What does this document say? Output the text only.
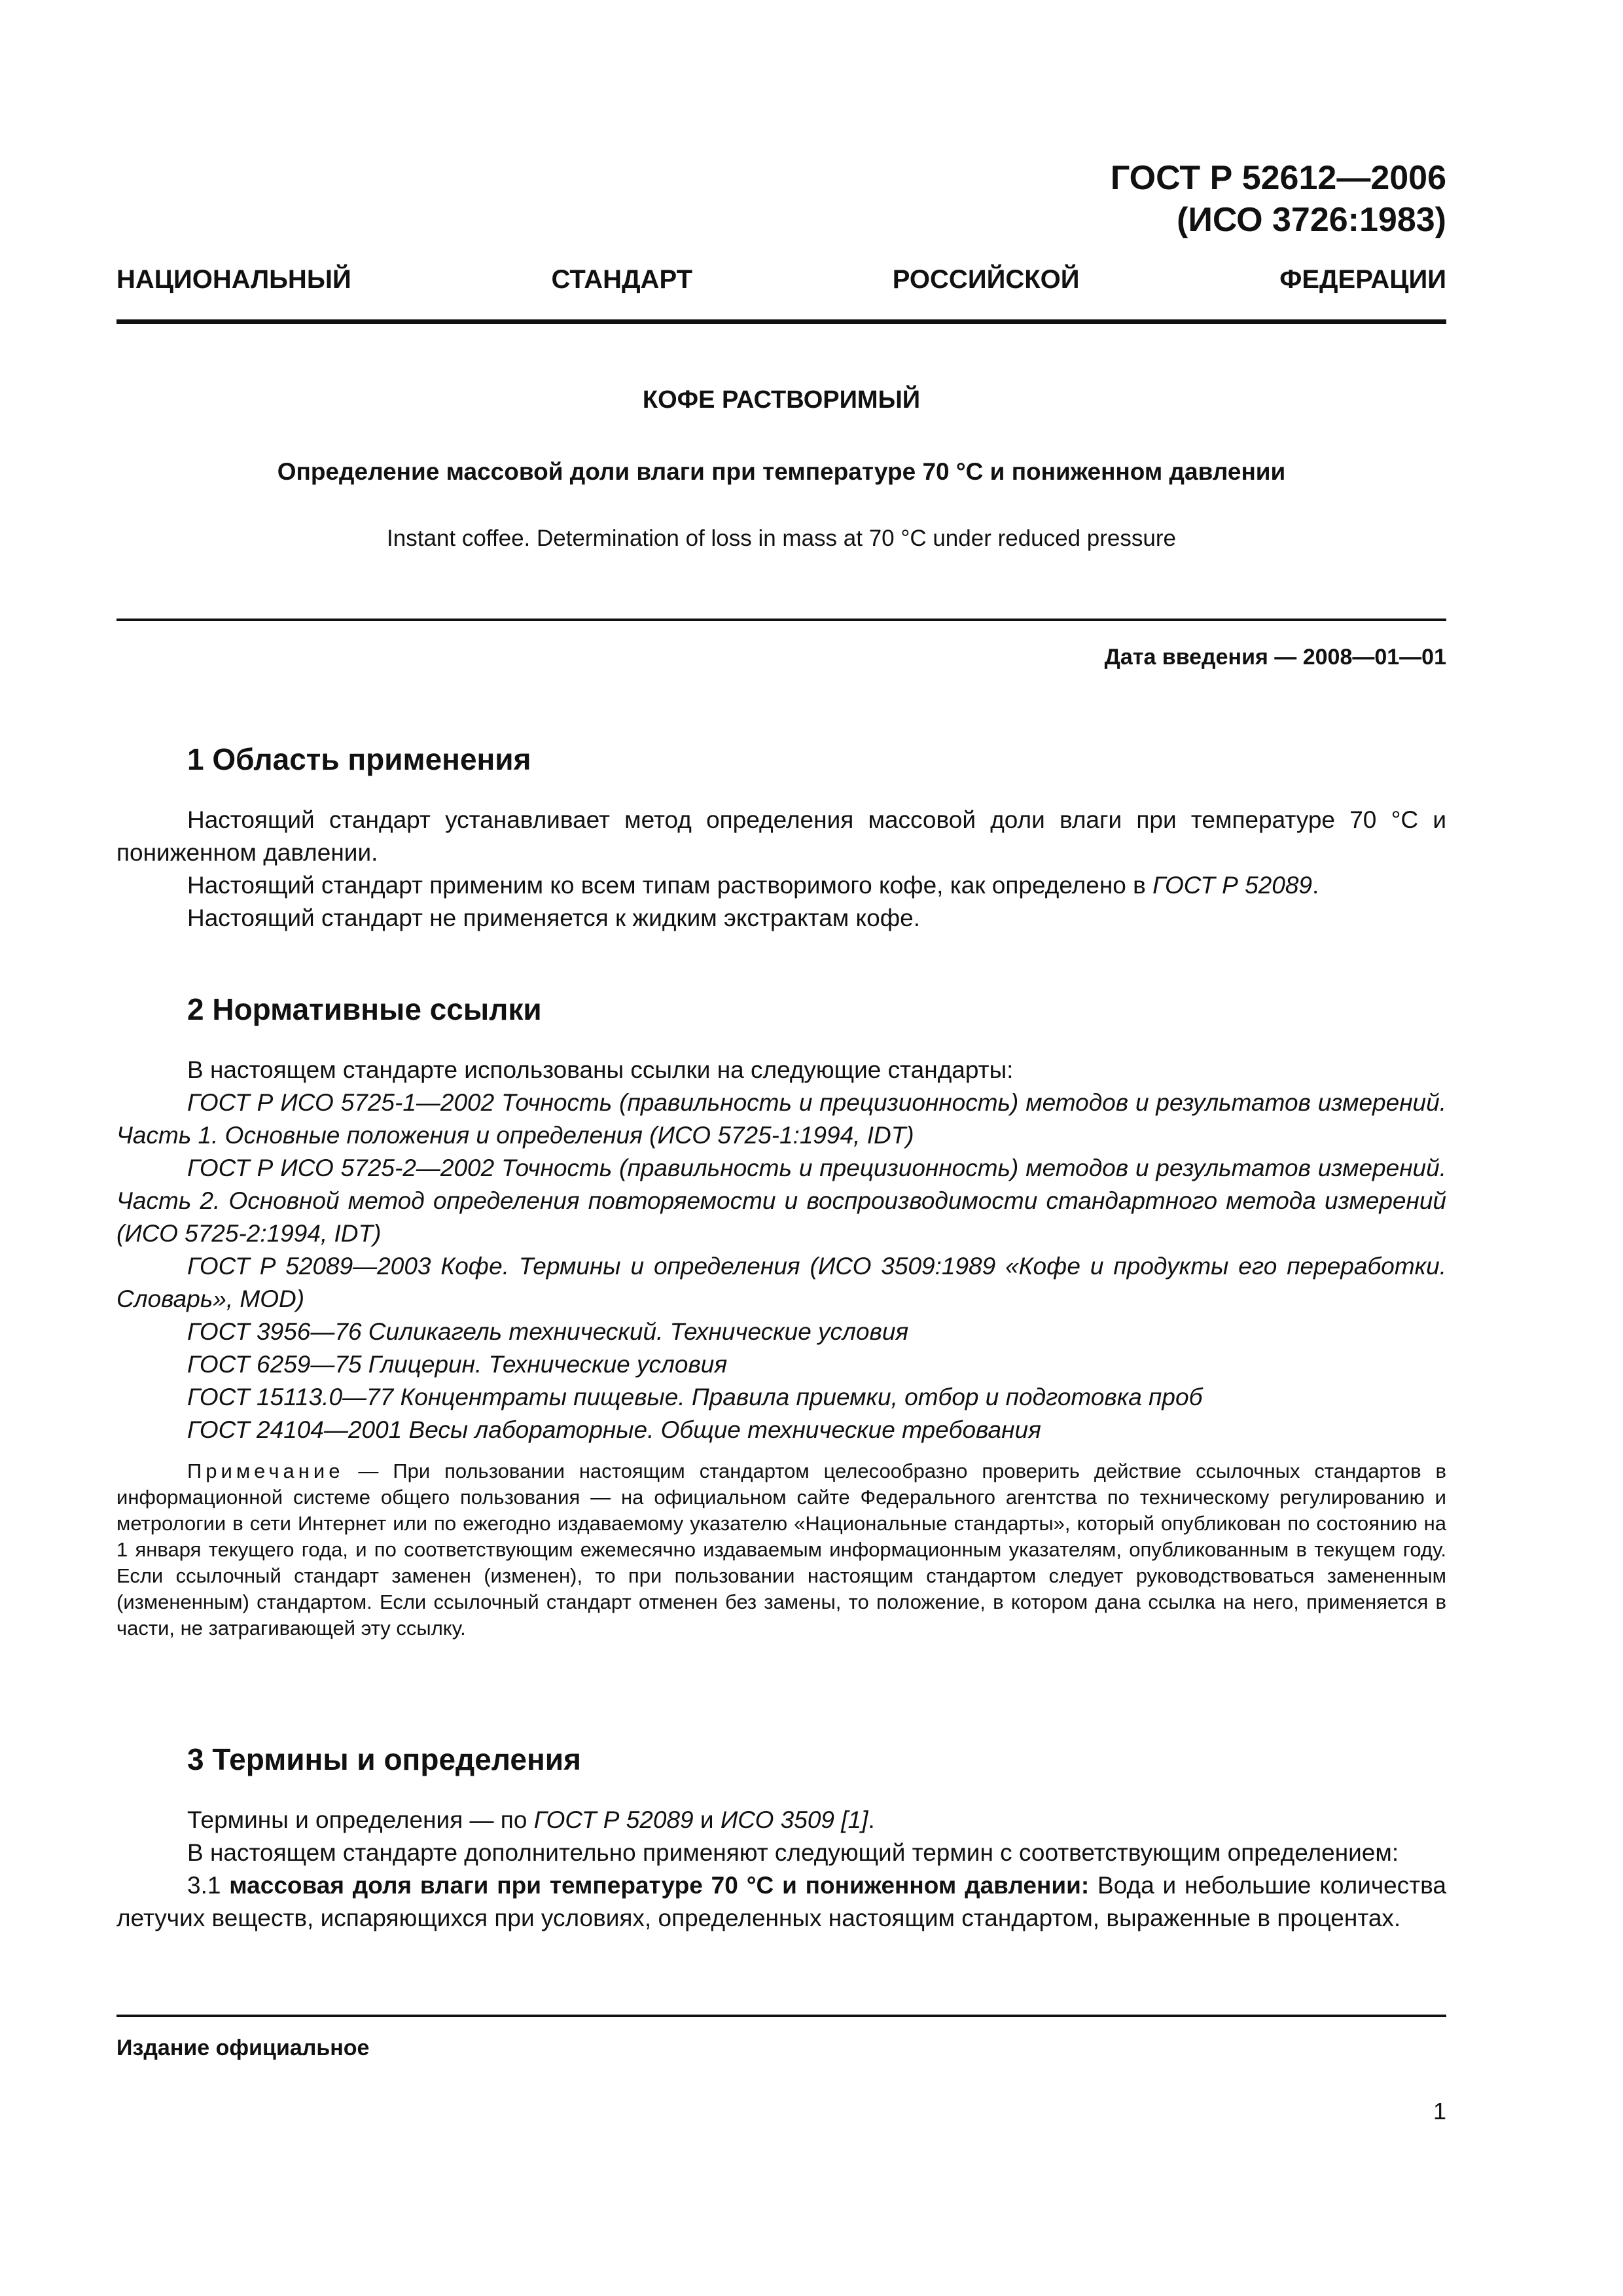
ГОСТ Р 52612—2006
(ИСО 3726:1983)
НАЦИОНАЛЬНЫЙ	СТАНДАРТ	РОССИЙСКОЙ	ФЕДЕРАЦИИ
КОФЕ РАСТВОРИМЫЙ
Определение массовой доли влаги при температуре 70 °С и пониженном давлении
Instant coffee. Determination of loss in mass at 70 °C under reduced pressure
Дата введения — 2008—01—01
1 Область применения

Настоящий стандарт устанавливает метод определения массовой доли влаги при температуре 70 °С и пониженном давлении.

Настоящий стандарт применим ко всем типам растворимого кофе, как определено в ГОСТ Р 52089.

Настоящий стандарт не применяется к жидким экстрактам кофе.

2 Нормативные ссылки

В настоящем стандарте использованы ссылки на следующие стандарты:

ГОСТ Р ИСО 5725-1—2002 Точность (правильность и прецизионность) методов и результатов измерений. Часть 1. Основные положения и определения (ИСО 5725-1:1994, IDT)

ГОСТ Р ИСО 5725-2—2002 Точность (правильность и прецизионность) методов и результатов измерений. Часть 2. Основной метод определения повторяемости и воспроизводимости стандартного метода измерений (ИСО 5725-2:1994, IDT)

ГОСТ Р 52089—2003 Кофе. Термины и определения (ИСО 3509:1989 «Кофе и продукты его переработки. Словарь», MOD)

ГОСТ 3956—76 Силикагель технический. Технические условия

ГОСТ 6259—75 Глицерин. Технические условия

ГОСТ 15113.0—77 Концентраты пищевые. Правила приемки, отбор и подготовка проб

ГОСТ 24104—2001 Весы лабораторные. Общие технические требования

Примечание — При пользовании настоящим стандартом целесообразно проверить действие ссылочных стандартов в информационной системе общего пользования — на официальном сайте Федерального агентства по техническому регулированию и метрологии в сети Интернет или по ежегодно издаваемому указателю «Национальные стандарты», который опубликован по состоянию на 1 января текущего года, и по соответствующим ежемесячно издаваемым информационным указателям, опубликованным в текущем году. Если ссылочный стандарт заменен (изменен), то при пользовании настоящим стандартом следует руководствоваться замененным (измененным) стандартом. Если ссылочный стандарт отменен без замены, то положение, в котором дана ссылка на него, применяется в части, не затрагивающей эту ссылку.

3 Термины и определения

Термины и определения — по ГОСТ Р 52089 и ИСО 3509 [1].

В настоящем стандарте дополнительно применяют следующий термин с соответствующим определением:

3.1 массовая доля влаги при температуре 70 °С и пониженном давлении: Вода и небольшие количества летучих веществ, испаряющихся при условиях, определенных настоящим стандартом, выраженные в процентах.

Издание официальное
1
